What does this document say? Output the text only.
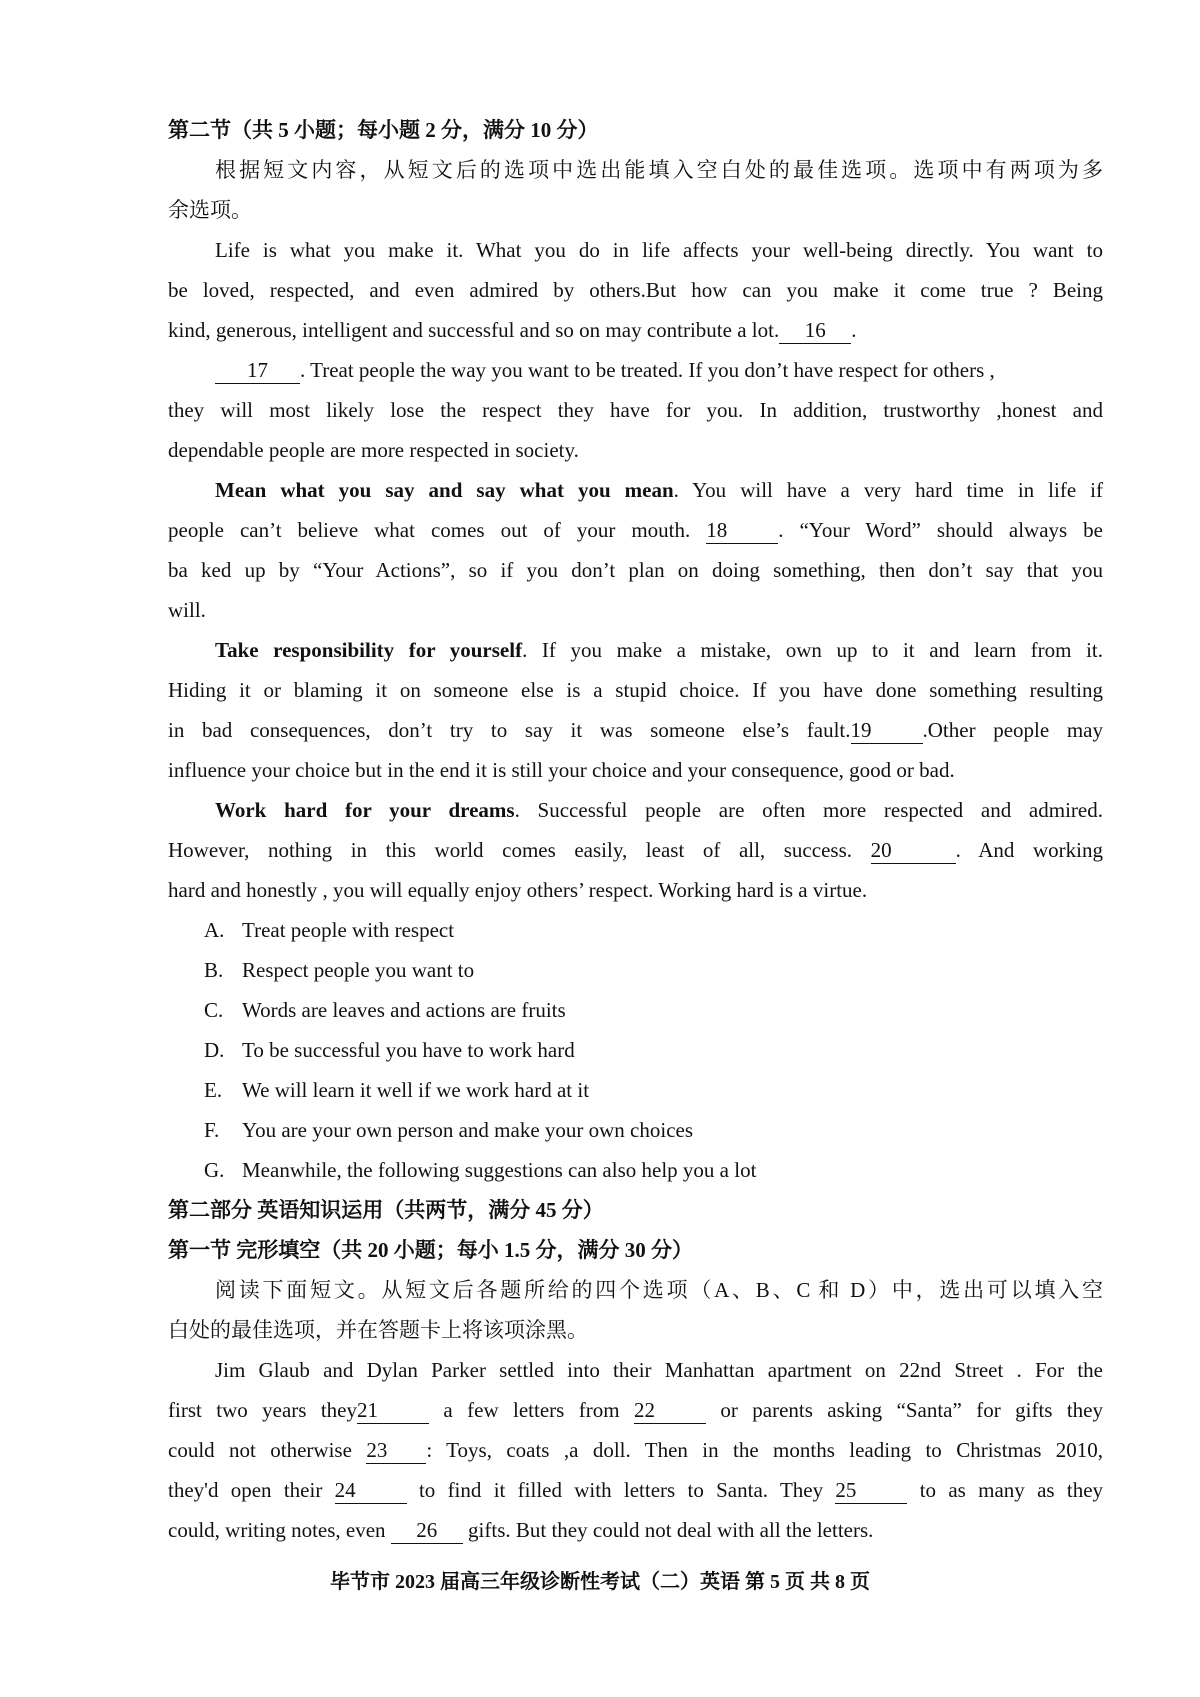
第二节（共 5 小题；每小题 2 分，满分 10 分）
根据短文内容，从短文后的选项中选出能填入空白处的最佳选项。选项中有两项为多
余选项。
Life is what you make it. What you do in life affects your well-being directly. You want to
be loved, respected, and even admired by others.But how can you make it come true ? Being
kind, generous, intelligent and successful and so on may contribute a lot. 16 .
17 . Treat people the way you want to be treated. If you don’t have respect for others ,
they will most likely lose the respect they have for you. In addition, trustworthy ,honest and
dependable people are more respected in society.
Mean what you say and say what you mean. You will have a very hard time in life if
people can’t believe what comes out of your mouth. 18 . “Your Word” should always be
ba ked up by “Your Actions”, so if you don’t plan on doing something, then don’t say that you
will.
Take responsibility for yourself. If you make a mistake, own up to it and learn from it.
Hiding it or blaming it on someone else is a stupid choice. If you have done something resulting
in bad consequences, don’t try to say it was someone else’s fault.19 .Other people may
influence your choice but in the end it is still your choice and your consequence, good or bad.
Work hard for your dreams. Successful people are often more respected and admired.
However, nothing in this world comes easily, least of all, success. 20	. And working
hard and honestly , you will equally enjoy others’ respect. Working hard is a virtue.
A. Treat people with respect
B. Respect people you want to
C. Words are leaves and actions are fruits
D. To be successful you have to work hard
E. We will learn it well if we work hard at it
F. You are your own person and make your own choices
G. Meanwhile, the following suggestions can also help you a lot
第二部分 英语知识运用（共两节，满分 45 分）
第一节 完形填空（共 20 小题；每小 1.5 分，满分 30 分）
阅读下面短文。从短文后各题所给的四个选项（A、B、C 和 D）中，选出可以填入空
白处的最佳选项，并在答题卡上将该项涂黑。
Jim Glaub and Dylan Parker settled into their Manhattan apartment on 22nd Street . For the
first two years they21	a few letters from 22	or parents asking “Santa” for gifts they
could not otherwise 23 : Toys, coats ,a doll. Then in the months leading to Christmas 2010,
they'd open their 24	to find it filled with letters to Santa. They 25	to as many as they
could, writing notes, even 26 gifts. But they could not deal with all the letters.
毕节市 2023 届高三年级诊断性考试（二）英语 第 5 页 共 8 页
